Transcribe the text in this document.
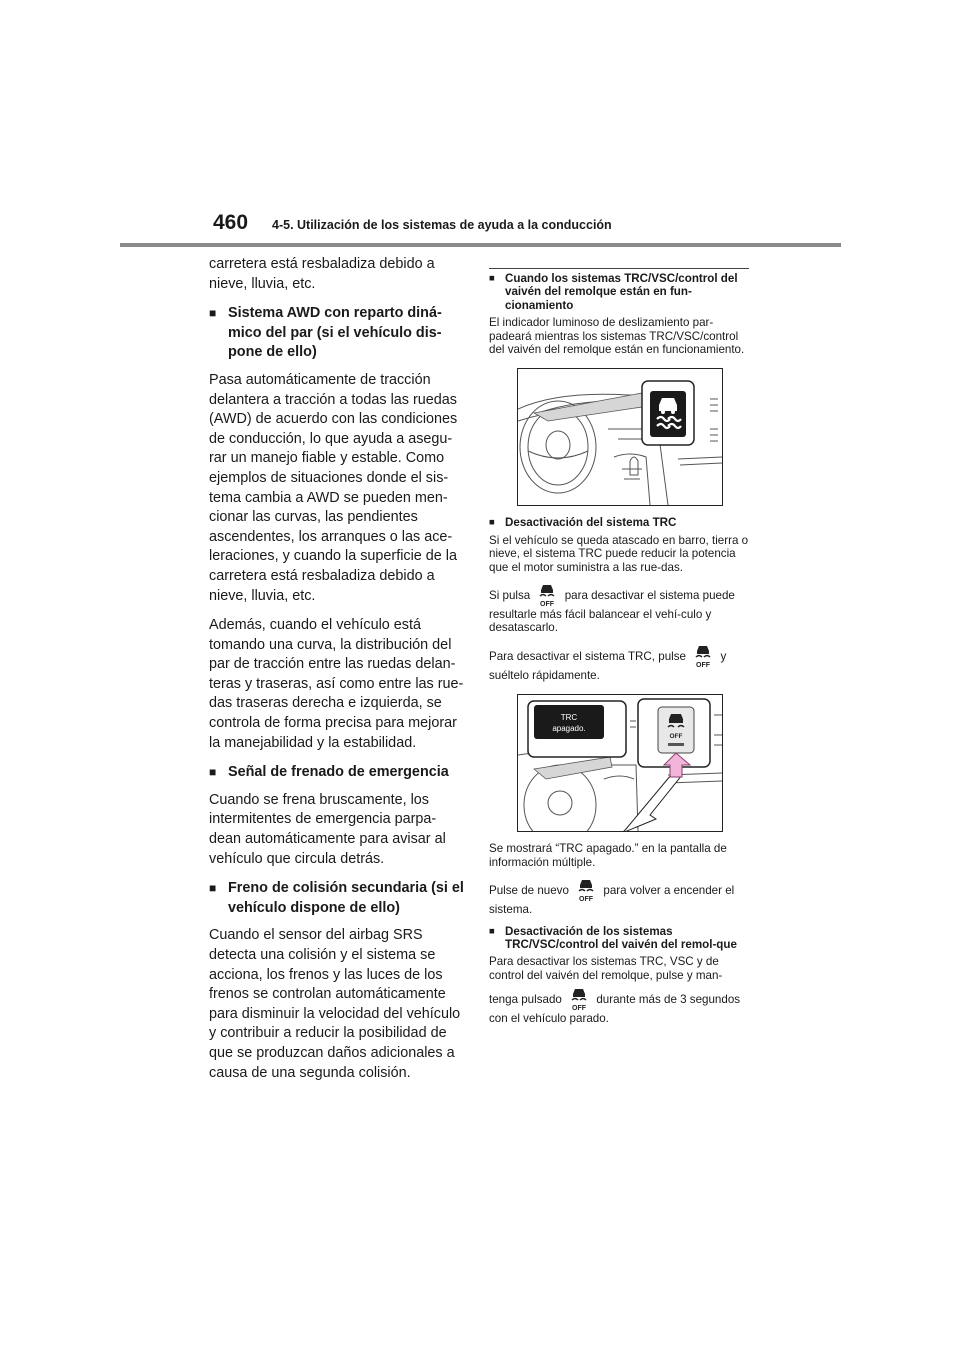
460 4-5. Utilización de los sistemas de ayuda a la conducción

carretera está resbaladiza debido a nieve, lluvia, etc.

■ Sistema AWD con reparto diná-mico del par (si el vehículo dis-pone de ello)

Pasa automáticamente de tracción delantera a tracción a todas las ruedas (AWD) de acuerdo con las condiciones de conducción, lo que ayuda a asegu-rar un manejo fiable y estable. Como ejemplos de situaciones donde el sis-tema cambia a AWD se pueden men-cionar las curvas, las pendientes ascendentes, los arranques o las ace-leraciones, y cuando la superficie de la carretera está resbaladiza debido a nieve, lluvia, etc.

Además, cuando el vehículo está tomando una curva, la distribución del par de tracción entre las ruedas delan-teras y traseras, así como entre las rue-das traseras derecha e izquierda, se controla de forma precisa para mejorar la manejabilidad y la estabilidad.

■ Señal de frenado de emergencia

Cuando se frena bruscamente, los intermitentes de emergencia parpa-dean automáticamente para avisar al vehículo que circula detrás.

■ Freno de colisión secundaria (si el vehículo dispone de ello)

Cuando el sensor del airbag SRS detecta una colisión y el sistema se acciona, los frenos y las luces de los frenos se controlan automáticamente para disminuir la velocidad del vehículo y contribuir a reducir la posibilidad de que se produzcan daños adicionales a causa de una segunda colisión.

■ Cuando los sistemas TRC/VSC/control del vaivén del remolque están en fun-cionamiento

El indicador luminoso de deslizamiento par-padeará mientras los sistemas TRC/VSC/control del vaivén del remolque están en funcionamiento.

■ Desactivación del sistema TRC

Si el vehículo se queda atascado en barro, tierra o nieve, el sistema TRC puede reducir la potencia que el motor suministra a las rue-das.

Si pulsa
OFF
para desactivar el sistema puede resultarle más fácil balancear el vehí-culo y desatascarlo.

Para desactivar el sistema TRC, pulse
OFF
y suéltelo rápidamente.

TRC
apagado.
OFF

Se mostrará “TRC apagado.” en la pantalla de información múltiple.

Pulse de nuevo
OFF
para volver a encender el sistema.

■ Desactivación de los sistemas TRC/VSC/control del vaivén del remol-que

Para desactivar los sistemas TRC, VSC y de control del vaivén del remolque, pulse y man-

tenga pulsado
OFF
durante más de 3 segundos con el vehículo parado.
